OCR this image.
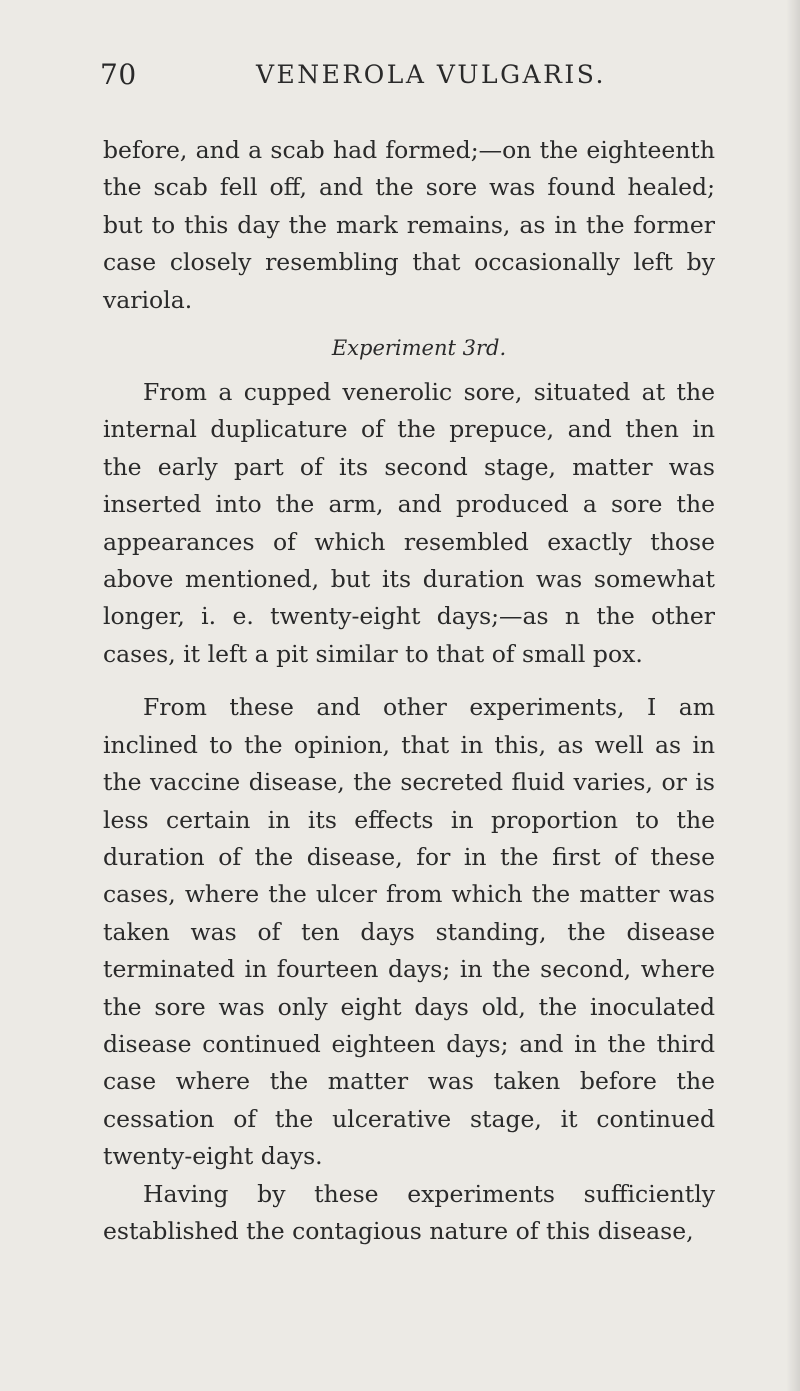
70	VENEROLA VULGARIS.

before, and a scab had formed;—on the eighteenth the scab fell off, and the sore was found healed; but to this day the mark remains, as in the former case closely resembling that occasionally left by variola.

Experiment 3rd.

From a cupped venerolic sore, situated at the internal duplicature of the prepuce, and then in the early part of its second stage, matter was inserted into the arm, and produced a sore the appearances of which resembled exactly those above mentioned, but its duration was somewhat longer, i. e. twenty-eight days;—as n the other cases, it left a pit similar to that of small pox.

From these and other experiments, I am inclined to the opinion, that in this, as well as in the vaccine disease, the secreted fluid varies, or is less certain in its effects in proportion to the duration of the disease, for in the first of these cases, where the ulcer from which the matter was taken was of ten days standing, the disease terminated in fourteen days; in the second, where the sore was only eight days old, the inoculated disease continued eighteen days; and in the third case where the matter was taken before the cessation of the ulcerative stage, it continued twenty-eight days.

Having by these experiments sufficiently established the contagious nature of this disease,
